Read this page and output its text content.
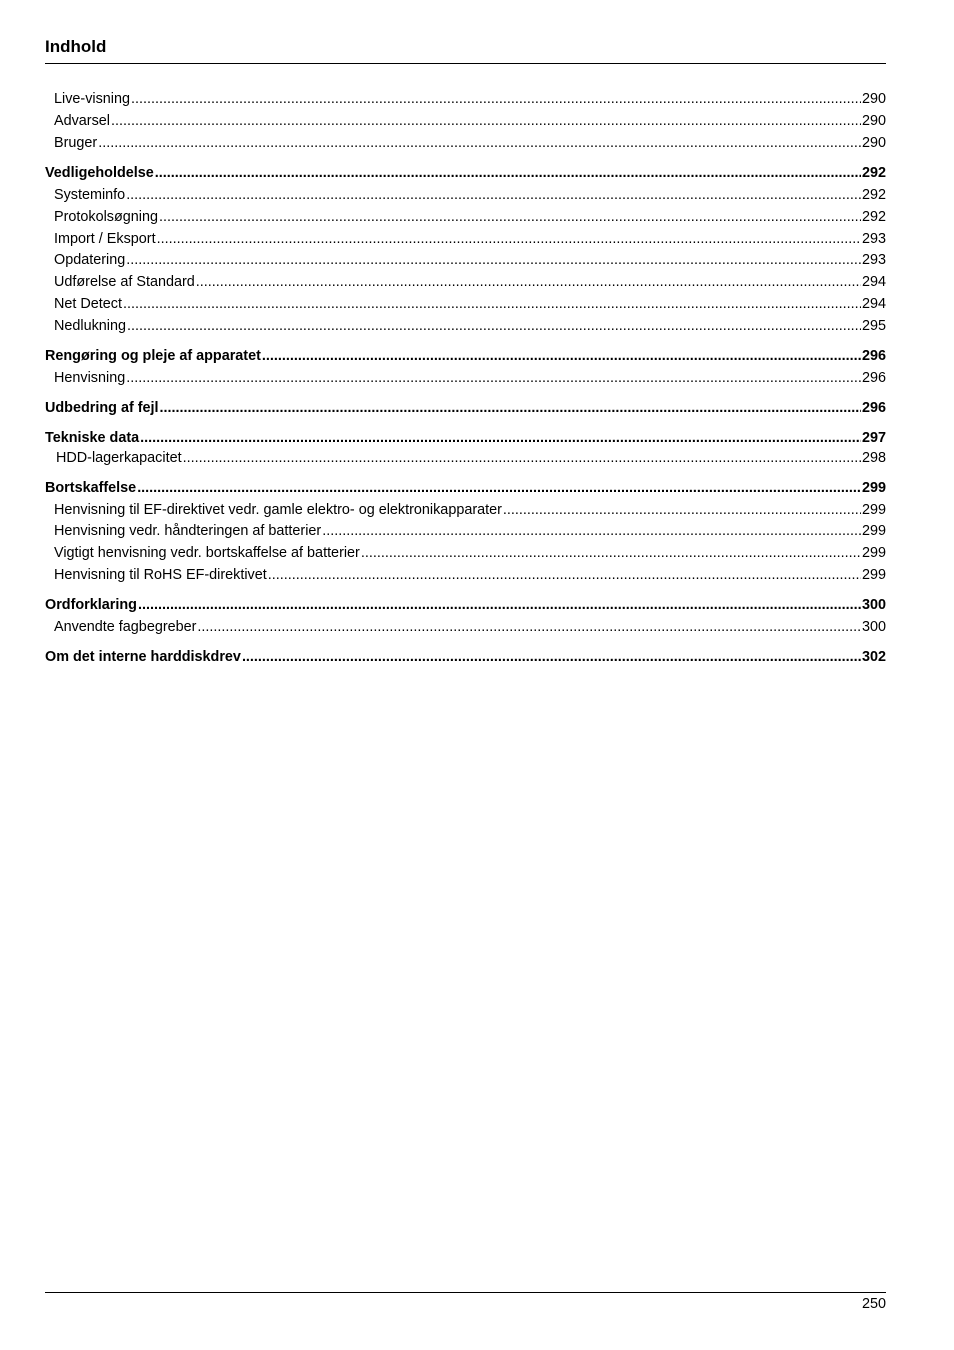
Indhold
Live-visning .....	290
Advarsel .....	290
Bruger .....	290
Vedligeholdelse .....	292
Systeminfo .....	292
Protokolsøgning .....	292
Import / Eksport .....	293
Opdatering .....	293
Udførelse af Standard .....	294
Net Detect .....	294
Nedlukning .....	295
Rengøring og pleje af apparatet .....	296
Henvisning .....	296
Udbedring af fejl .....	296
Tekniske data .....	297
HDD-lagerkapacitet .....	298
Bortskaffelse .....	299
Henvisning til EF-direktivet vedr. gamle elektro- og elektronikapparater .....	299
Henvisning vedr. håndteringen af batterier .....	299
Vigtigt henvisning vedr. bortskaffelse af batterier .....	299
Henvisning til RoHS EF-direktivet .....	299
Ordforklaring .....	300
Anvendte fagbegreber .....	300
Om det interne harddiskdrev .....	302
250
